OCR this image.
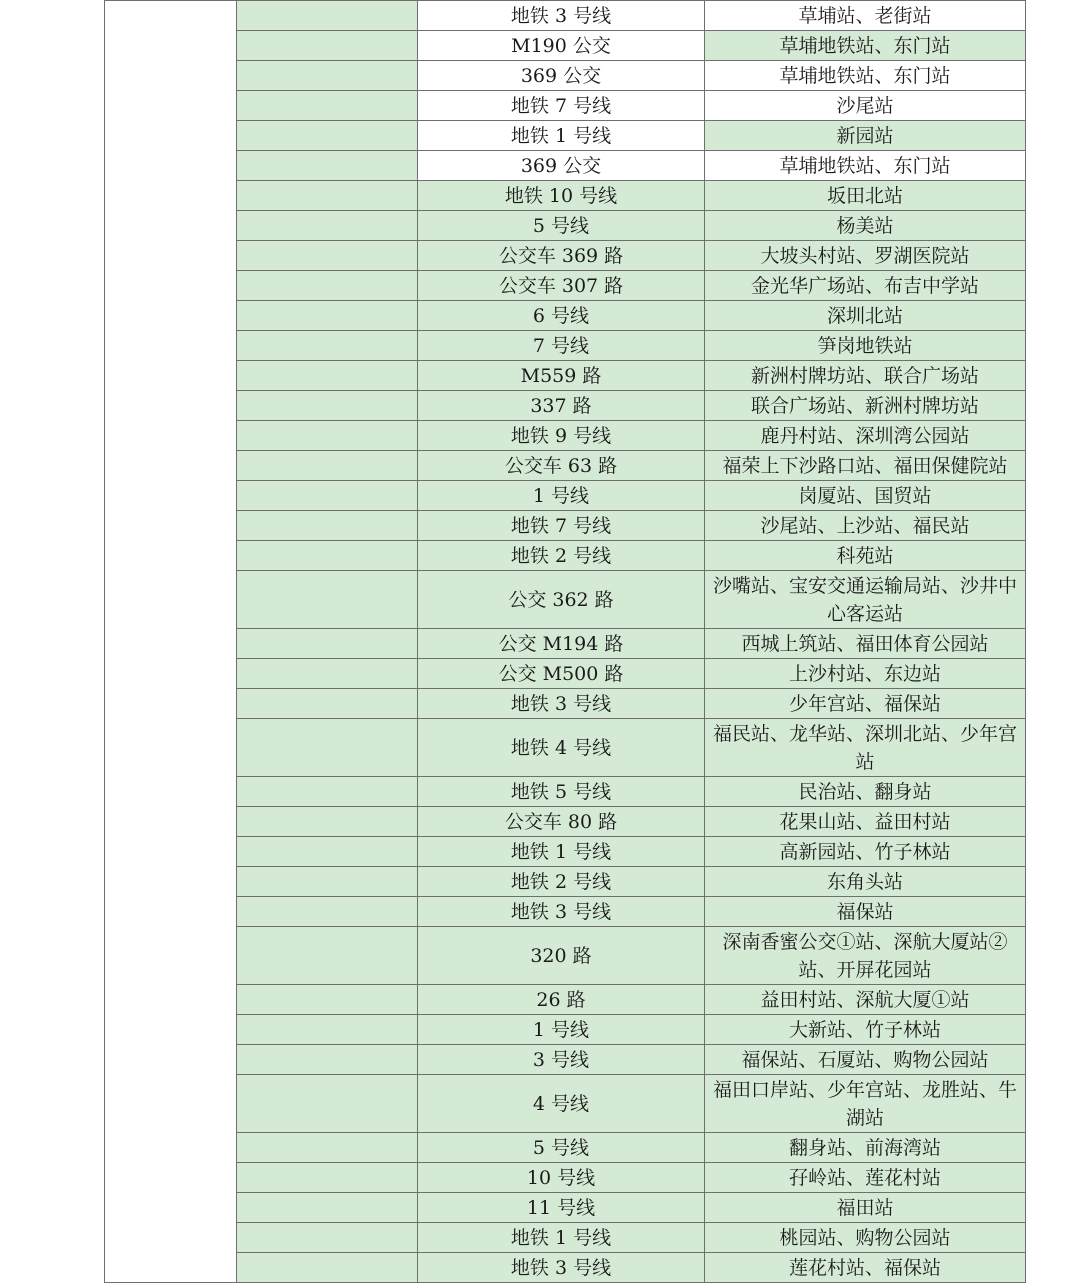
		地铁 3 号线	草埔站、老街站
		M190 公交	草埔地铁站、东门站
		369 公交	草埔地铁站、东门站
		地铁 7 号线	沙尾站
		地铁 1 号线	新园站
		369 公交	草埔地铁站、东门站
		地铁 10 号线	坂田北站
		5 号线	杨美站
		公交车 369 路	大坡头村站、罗湖医院站
		公交车 307 路	金光华广场站、布吉中学站
		6 号线	深圳北站
		7 号线	笋岗地铁站
		M559 路	新洲村牌坊站、联合广场站
		337 路	联合广场站、新洲村牌坊站
		地铁 9 号线	鹿丹村站、深圳湾公园站
		公交车 63 路	福荣上下沙路口站、福田保健院站
		1 号线	岗厦站、国贸站
		地铁 7 号线	沙尾站、上沙站、福民站
		地铁 2 号线	科苑站
		公交 362 路	沙嘴站、宝安交通运输局站、沙井中心客运站
		公交 M194 路	西城上筑站、福田体育公园站
		公交 M500 路	上沙村站、东边站
		地铁 3 号线	少年宫站、福保站
		地铁 4 号线	福民站、龙华站、深圳北站、少年宫站
		地铁 5 号线	民治站、翻身站
		公交车 80 路	花果山站、益田村站
		地铁 1 号线	高新园站、竹子林站
		地铁 2 号线	东角头站
		地铁 3 号线	福保站
		320 路	深南香蜜公交①站、深航大厦站②站、开屏花园站
		26 路	益田村站、深航大厦①站
		1 号线	大新站、竹子林站
		3 号线	福保站、石厦站、购物公园站
		4 号线	福田口岸站、少年宫站、龙胜站、牛湖站
		5 号线	翻身站、前海湾站
		10 号线	孖岭站、莲花村站
		11 号线	福田站
		地铁 1 号线	桃园站、购物公园站
		地铁 3 号线	莲花村站、福保站
